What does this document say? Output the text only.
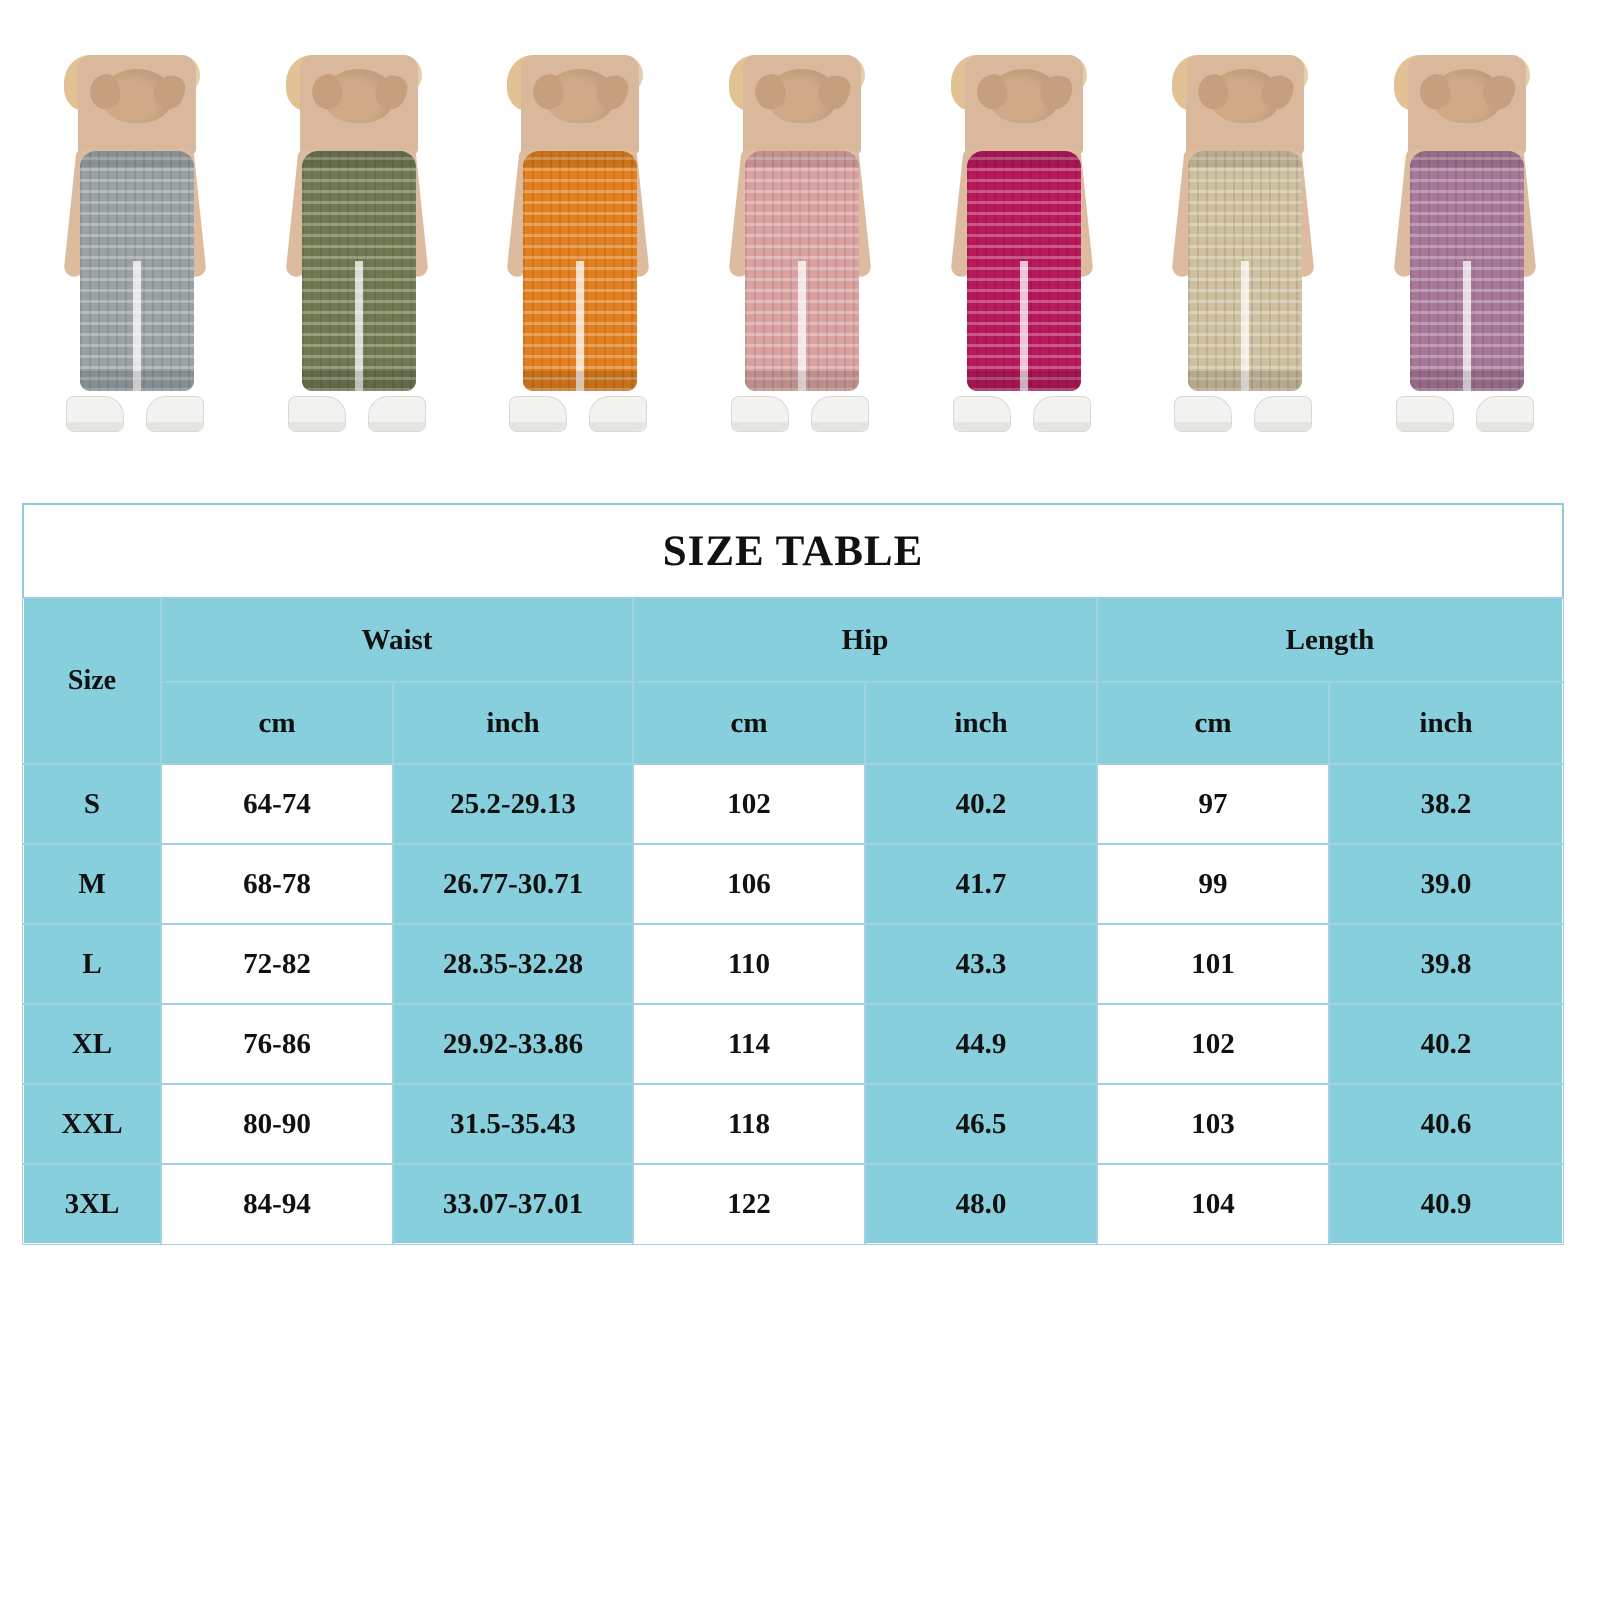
SIZE TABLE						
Size	Waist		Hip		Length	
	cm	inch	cm	inch	cm	inch
S	64-74	25.2-29.13	102	40.2	97	38.2
M	68-78	26.77-30.71	106	41.7	99	39.0
L	72-82	28.35-32.28	110	43.3	101	39.8
XL	76-86	29.92-33.86	114	44.9	102	40.2
XXL	80-90	31.5-35.43	118	46.5	103	40.6
3XL	84-94	33.07-37.01	122	48.0	104	40.9
